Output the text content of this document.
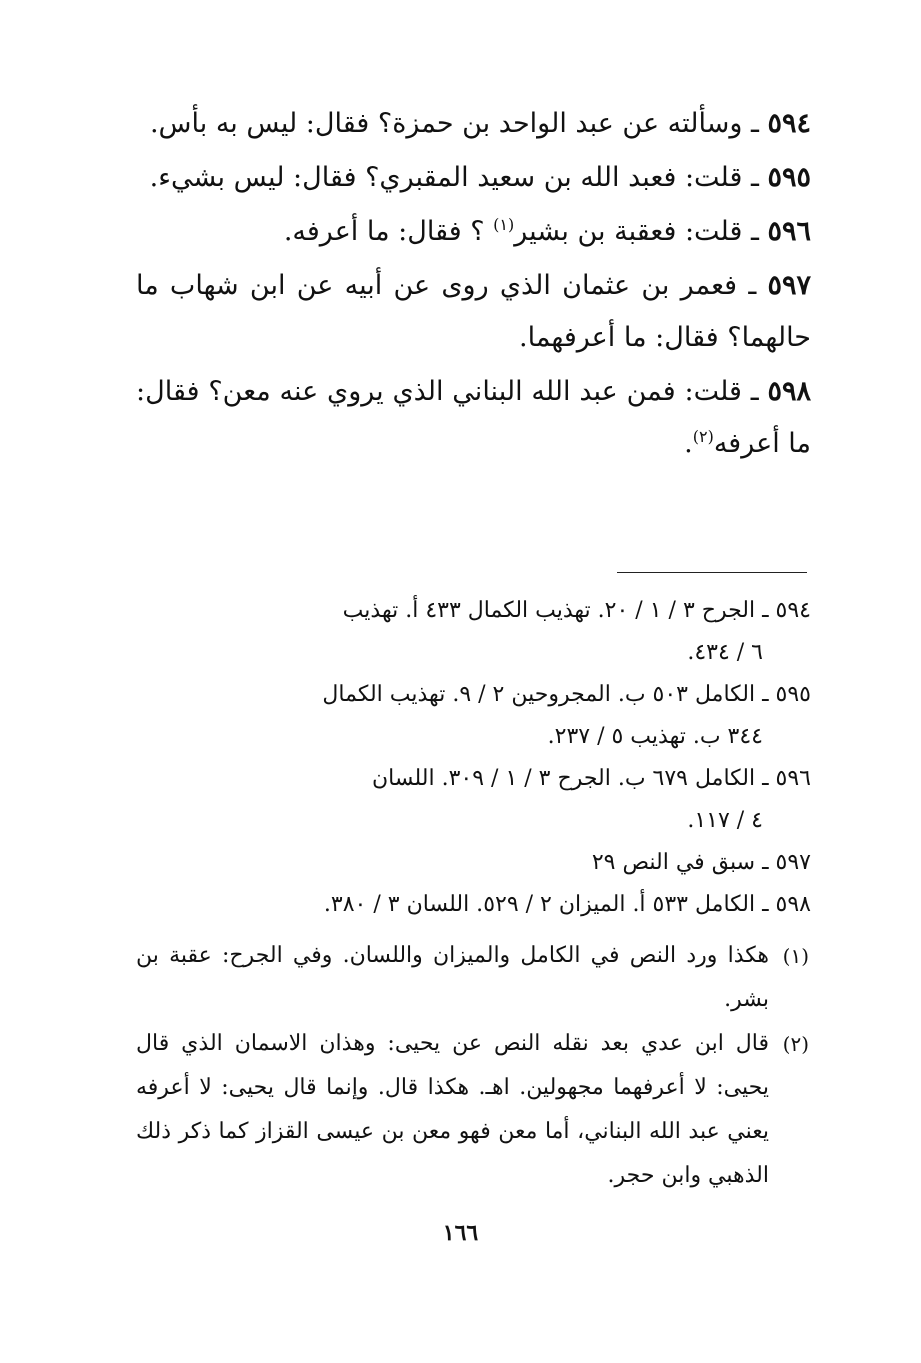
٥٩٤ ـ وسألته عن عبد الواحد بن حمزة؟ فقال: ليس به بأس.

٥٩٥ ـ قلت: فعبد الله بن سعيد المقبري؟ فقال: ليس بشيء.

٥٩٦ ـ قلت: فعقبة بن بشير$^{(١)}$ ؟ فقال: ما أعرفه.

٥٩٧ ـ فعمر بن عثمان الذي روى عن أبيه عن ابن شهاب ما حالهما؟ فقال: ما أعرفهما.

٥٩٨ ـ قلت: فمن عبد الله البناني الذي يروي عنه معن؟ فقال: ما أعرفه$^{(٢)}$.

٥٩٤ ـ الجرح ٣ / ١ / ٢٠. تهذيب الكمال ٤٣٣ أ. تهذيب
٦ / ٤٣٤.

٥٩٥ ـ الكامل ٥٠٣ ب. المجروحين ٢ / ٩. تهذيب الكمال
٣٤٤ ب. تهذيب ٥ / ٢٣٧.

٥٩٦ ـ الكامل ٦٧٩ ب. الجرح ٣ / ١ / ٣٠٩. اللسان
٤ / ١١٧.

٥٩٧ ـ سبق في النص ٢٩

٥٩٨ ـ الكامل ٥٣٣ أ. الميزان ٢ / ٥٢٩. اللسان ٣ / ٣٨٠.

(١)
هكذا ورد النص في الكامل والميزان واللسان. وفي الجرح: عقبة بن بشر.
(٢)
قال ابن عدي بعد نقله النص عن يحيى: وهذان الاسمان الذي قال يحيى: لا أعرفهما مجهولين. اهـ. هكذا قال. وإنما قال يحيى: لا أعرفه يعني عبد الله البناني، أما معن فهو معن بن عيسى القزاز كما ذكر ذلك الذهبي وابن حجر.
١٦٦
